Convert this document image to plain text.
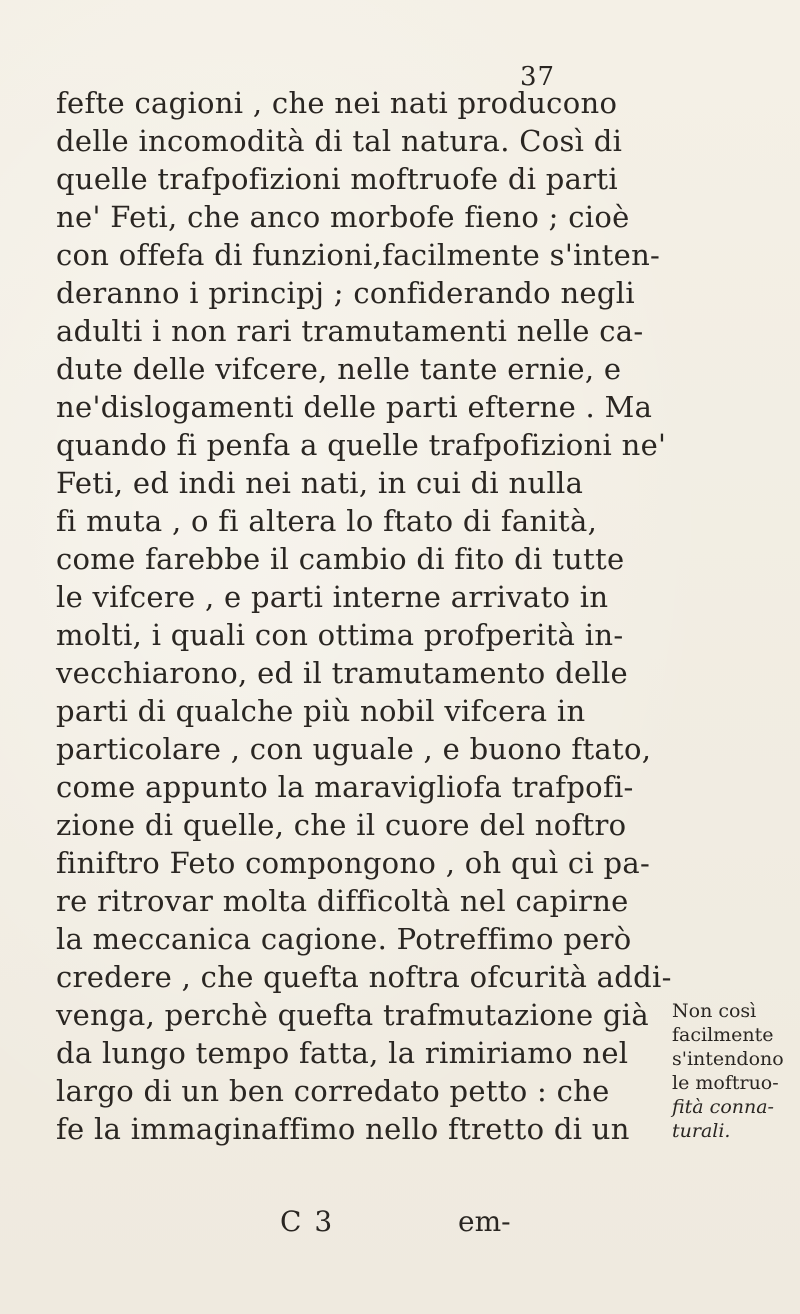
37
fefte cagioni , che nei nati producono
delle incomodità di tal natura. Così di
quelle trafpofizioni moftruofe di parti
ne' Feti, che anco morbofe fieno ; cioè
con offefa di funzioni,facilmente s'inten-
deranno i principj ; confiderando negli
adulti i non rari tramutamenti nelle ca-
dute delle vifcere, nelle tante ernie, e
ne'dislogamenti delle parti efterne . Ma
quando fi penfa a quelle trafpofizioni ne'
Feti, ed indi nei nati, in cui di nulla
fi muta , o fi altera lo ftato di fanità,
come farebbe il cambio di fito di tutte
le vifcere , e parti interne arrivato in
molti, i quali con ottima profperità in-
vecchiarono, ed il tramutamento delle
parti di qualche più nobil vifcera in
particolare , con uguale , e buono ftato,
come appunto la maravigliofa trafpofi-
zione di quelle, che il cuore del noftro
finiftro Feto compongono , oh quì ci pa-
re ritrovar molta difficoltà nel capirne
la meccanica cagione. Potreffimo però
credere , che quefta noftra ofcurità addi-
venga, perchè quefta trafmutazione già
da lungo tempo fatta, la rimiriamo nel
largo di un ben corredato petto : che
fe la immaginaffimo nello ftretto di un
Non così
facilmente
s'intendono
le moftruo-
fità conna-
turali.
C 3	em-
